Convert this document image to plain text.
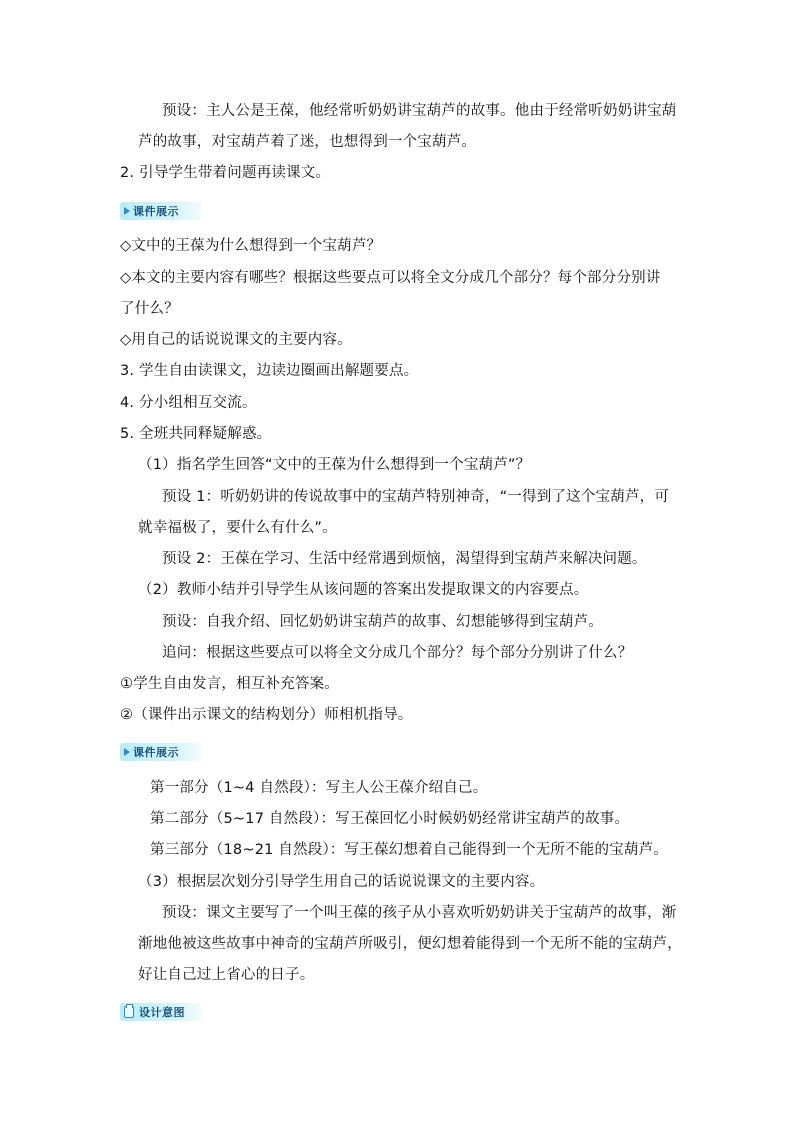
预设：主人公是王葆，他经常听奶奶讲宝葫芦的故事。他由于经常听奶奶讲宝葫
芦的故事，对宝葫芦着了迷，也想得到一个宝葫芦。
2. 引导学生带着问题再读课文。
课件展示
◇文中的王葆为什么想得到一个宝葫芦？
◇本文的主要内容有哪些？根据这些要点可以将全文分成几个部分？每个部分分别讲
了什么？
◇用自己的话说说课文的主要内容。
3. 学生自由读课文，边读边圈画出解题要点。
4. 分小组相互交流。
5. 全班共同释疑解惑。
（1）指名学生回答“文中的王葆为什么想得到一个宝葫芦”？
预设 1：听奶奶讲的传说故事中的宝葫芦特别神奇，“一得到了这个宝葫芦，可
就幸福极了，要什么有什么”。
预设 2：王葆在学习、生活中经常遇到烦恼，渴望得到宝葫芦来解决问题。
（2）教师小结并引导学生从该问题的答案出发提取课文的内容要点。
预设：自我介绍、回忆奶奶讲宝葫芦的故事、幻想能够得到宝葫芦。
追问：根据这些要点可以将全文分成几个部分？每个部分分别讲了什么？
①学生自由发言，相互补充答案。
②（课件出示课文的结构划分）师相机指导。
课件展示
第一部分（1~4 自然段）：写主人公王葆介绍自己。
第二部分（5~17 自然段）：写王葆回忆小时候奶奶经常讲宝葫芦的故事。
第三部分（18~21 自然段）：写王葆幻想着自己能得到一个无所不能的宝葫芦。
（3）根据层次划分引导学生用自己的话说说课文的主要内容。
预设：课文主要写了一个叫王葆的孩子从小喜欢听奶奶讲关于宝葫芦的故事，渐
渐地他被这些故事中神奇的宝葫芦所吸引，便幻想着能得到一个无所不能的宝葫芦，
好让自己过上省心的日子。
设计意图
